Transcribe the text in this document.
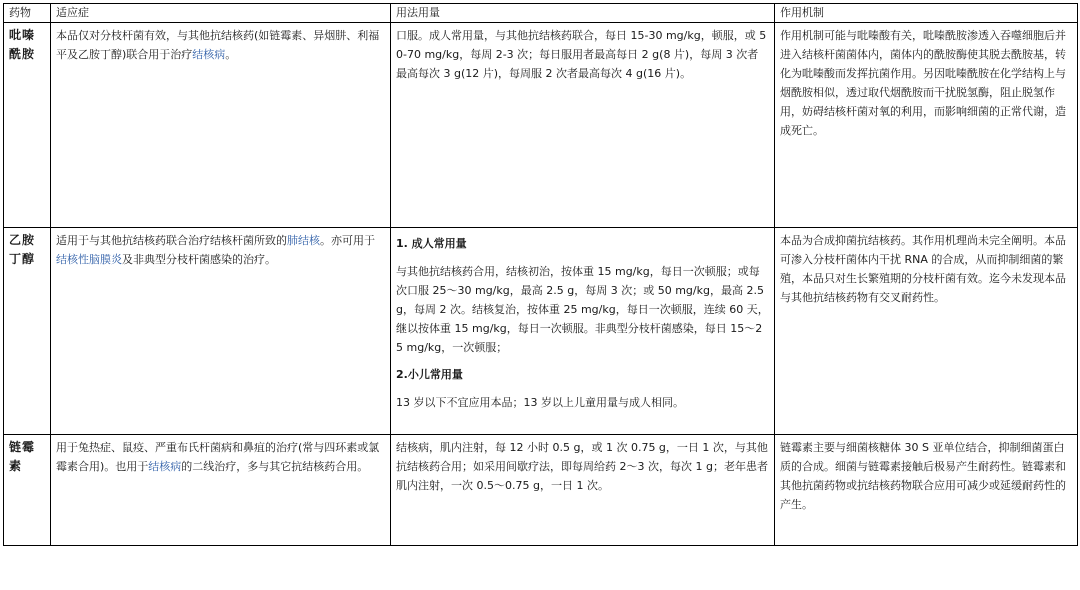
药物	适应症	用法用量	作用机制
吡嗪酰胺	本品仅对分枝杆菌有效，与其他抗结核药(如链霉素、异烟肼、利福平及乙胺丁醇)联合用于治疗结核病。	口服。成人常用量，与其他抗结核药联合，每日 15-30 mg/kg，顿服，或 50-70 mg/kg，每周 2-3 次；每日服用者最高每日 2 g(8 片)，每周 3 次者最高每次 3 g(12 片)，每周服 2 次者最高每次 4 g(16 片)。	作用机制可能与吡嗪酸有关，吡嗪酰胺渗透入吞噬细胞后并进入结核杆菌菌体内，菌体内的酰胺酶使其脱去酰胺基，转化为吡嗪酸而发挥抗菌作用。另因吡嗪酰胺在化学结构上与烟酰胺相似，透过取代烟酰胺而干扰脱氢酶，阻止脱氢作用，妨碍结核杆菌对氧的利用，而影响细菌的正常代谢，造成死亡。
乙胺丁醇	适用于与其他抗结核药联合治疗结核杆菌所致的肺结核。亦可用于结核性脑膜炎及非典型分枝杆菌感染的治疗。	1. 成人常用量
与其他抗结核药合用，结核初治，按体重 15 mg/kg，每日一次顿服；或每次口服 25～30 mg/kg，最高 2.5 g，每周 3 次；或 50 mg/kg，最高 2.5 g，每周 2 次。结核复治，按体重 25 mg/kg，每日一次顿服，连续 60 天，继以按体重 15 mg/kg，每日一次顿服。非典型分枝杆菌感染，每日 15～25 mg/kg，一次顿服；
2.小儿常用量
13 岁以下不宜应用本品；13 岁以上儿童用量与成人相同。	本品为合成抑菌抗结核药。其作用机理尚未完全阐明。本品可渗入分枝杆菌体内干扰 RNA 的合成，从而抑制细菌的繁殖，本品只对生长繁殖期的分枝杆菌有效。迄今未发现本品与其他抗结核药物有交叉耐药性。
链霉素	用于兔热症、鼠疫、严重布氏杆菌病和鼻疽的治疗(常与四环素或氯霉素合用)。也用于结核病的二线治疗，多与其它抗结核药合用。	结核病，肌内注射，每 12 小时 0.5 g，或 1 次 0.75 g，一日 1 次，与其他抗结核药合用；如采用间歇疗法，即每周给药 2～3 次，每次 1 g；老年患者肌内注射，一次 0.5～0.75 g，一日 1 次。	链霉素主要与细菌核糖体 30 S 亚单位结合，抑制细菌蛋白质的合成。细菌与链霉素接触后极易产生耐药性。链霉素和其他抗菌药物或抗结核药物联合应用可减少或延缓耐药性的产生。
